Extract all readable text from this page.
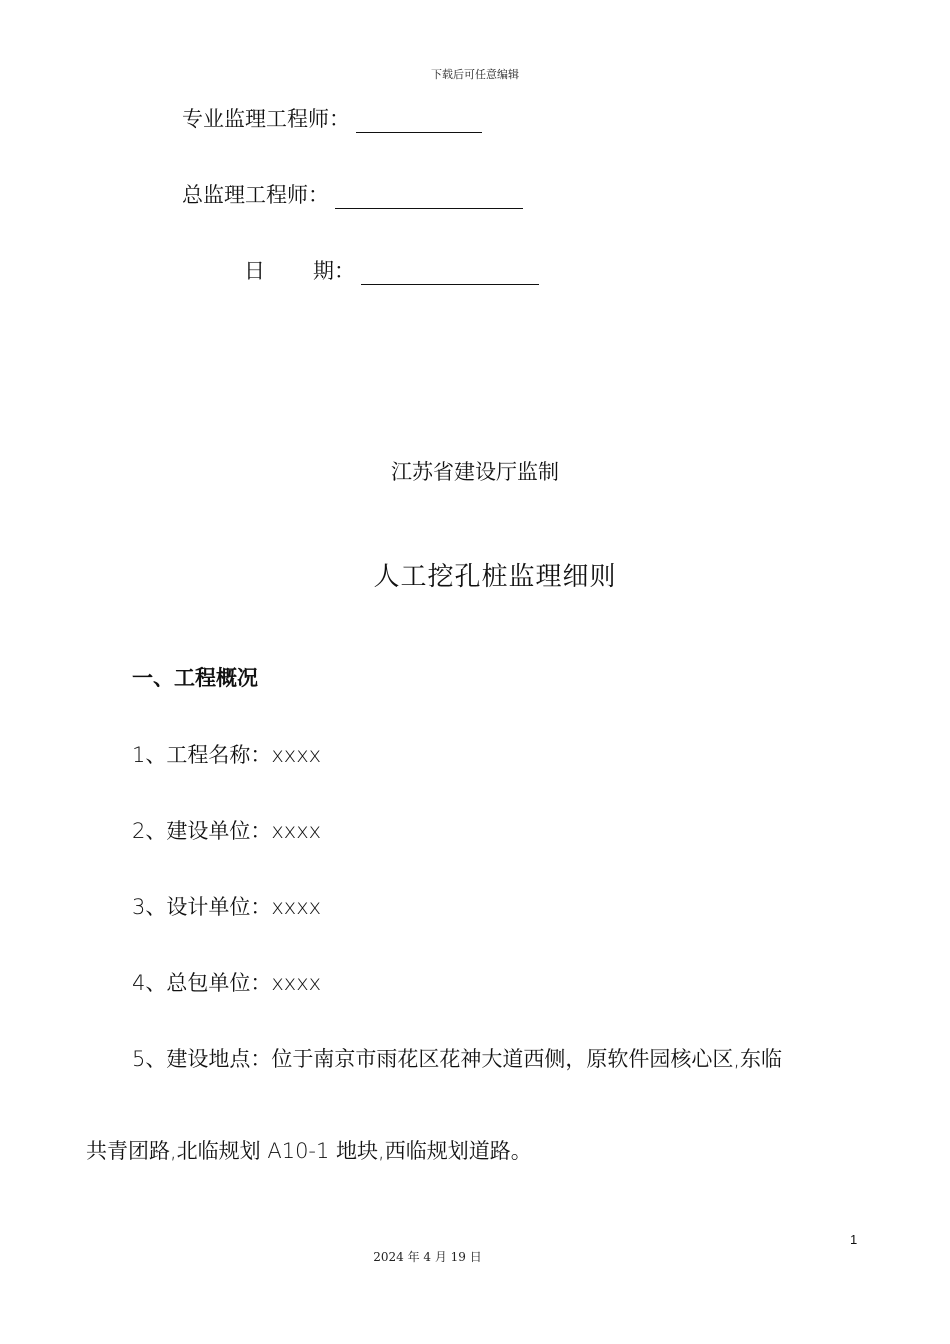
下载后可任意编辑
专业监理工程师：
总监理工程师：
日 期：
江苏省建设厅监制
人工挖孔桩监理细则
一、工程概况
1、工程名称：xxxx
2、建设单位：xxxx
3、设计单位：xxxx
4、总包单位：xxxx
5、建设地点：位于南京市雨花区花神大道西侧，原软件园核心区,东临
共青团路,北临规划 A10-1 地块,西临规划道路。
1
2024 年 4 月 19 日
